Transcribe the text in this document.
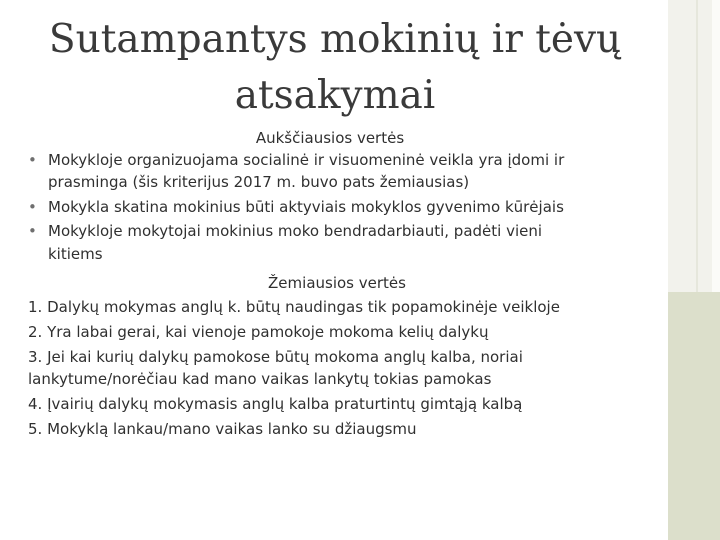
Sutampantys mokinių ir tėvų
atsakymai
Aukščiausios vertės
• Mokykloje organizuojama socialinė ir visuomeninė veikla yra įdomi ir
prasminga (šis kriterijus 2017 m. buvo pats žemiausias)
• Mokykla skatina mokinius būti aktyviais mokyklos gyvenimo kūrėjais
• Mokykloje mokytojai mokinius moko bendradarbiauti, padėti vieni
kitiems
Žemiausios vertės
1. Dalykų mokymas anglų k. būtų naudingas tik popamokinėje veikloje
2. Yra labai gerai, kai vienoje pamokoje mokoma kelių dalykų
3. Jei kai kurių dalykų pamokose būtų mokoma anglų kalba, noriai
lankytume/norėčiau kad mano vaikas lankytų tokias pamokas
4. Įvairių dalykų mokymasis anglų kalba praturtintų gimtąją kalbą
5. Mokyklą lankau/mano vaikas lanko su džiaugsmu
